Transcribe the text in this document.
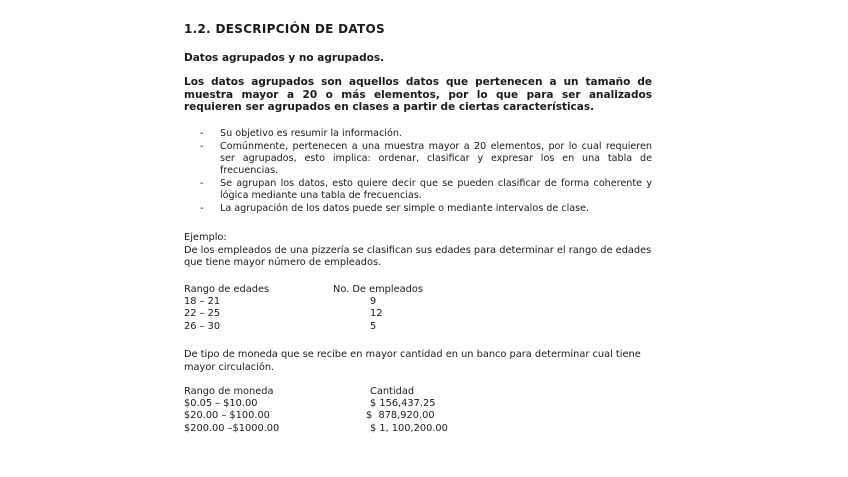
1.2. DESCRIPCIÓN DE DATOS
Datos agrupados y no agrupados.
Los datos agrupados son aquellos datos que pertenecen a un tamaño de muestra mayor a 20 o más elementos, por lo que para ser analizados requieren ser agrupados en clases a partir de ciertas características.
- Su objetivo es resumir la información.
- Comúnmente, pertenecen a una muestra mayor a 20 elementos, por lo cual requieren ser agrupados, esto implica: ordenar, clasificar y expresar los en una tabla de frecuencias.
- Se agrupan los datos, esto quiere decir que se pueden clasificar de forma coherente y lógica mediante una tabla de frecuencias.
- La agrupación de los datos puede ser simple o mediante intervalos de clase.
Ejemplo:
De los empleados de una pizzería se clasifican sus edades para determinar el rango de edades que tiene mayor número de empleados.
Rango de edades	No. De empleados
18 – 21	9
22 – 25	12
26 – 30	5
De tipo de moneda que se recibe en mayor cantidad en un banco para determinar cual tiene mayor circulación.
Rango de moneda	Cantidad
$0.05 – $10.00	$ 156,437.25
$20.00 – $100.00	$  878,920.00
$200.00 –$1000.00	$ 1, 100,200.00
